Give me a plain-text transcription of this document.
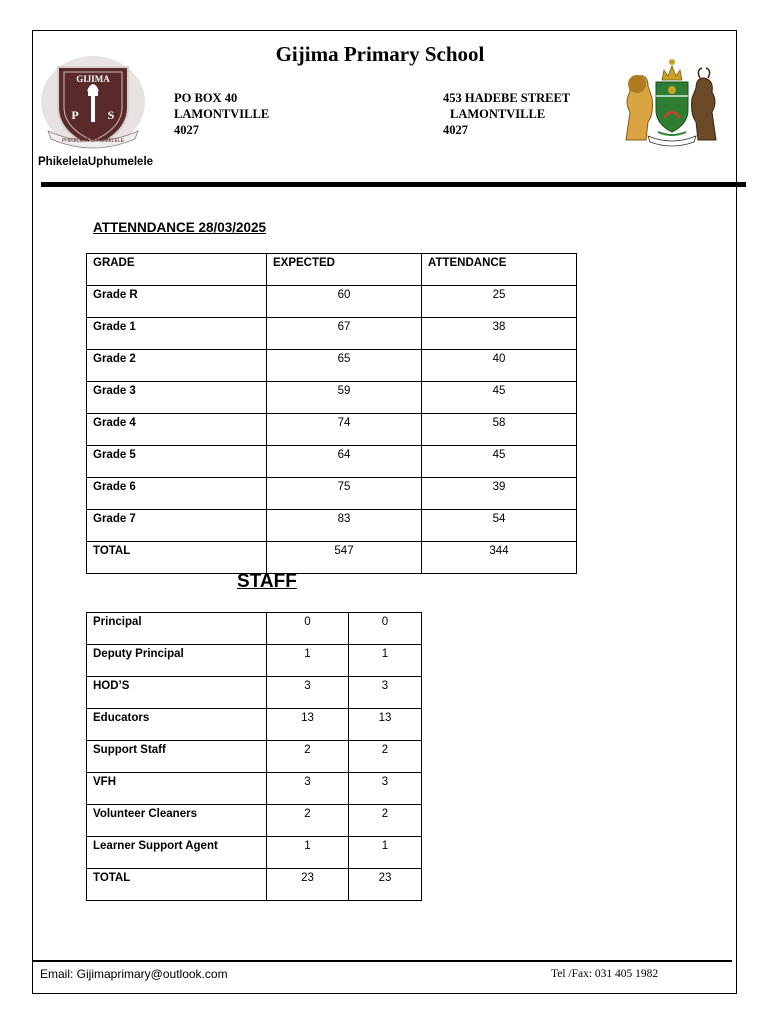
Gijima Primary School
GIJIMA
P S
PHIKELELA UPHUMELELE
PhikelelaUphumelele
PO BOX 40
LAMONTVILLE
4027
453 HADEBE STREET
LAMONTVILLE
4027
ATTENNDANCE 28/03/2025
GRADE	EXPECTED	ATTENDANCE
Grade R	60	25
Grade 1	67	38
Grade 2	65	40
Grade 3	59	45
Grade 4	74	58
Grade 5	64	45
Grade 6	75	39
Grade 7	83	54
TOTAL	547	344
STAFF
Principal	0	0
Deputy Principal	1	1
HOD’S	3	3
Educators	13	13
Support Staff	2	2
VFH	3	3
Volunteer Cleaners	2	2
Learner Support Agent	1	1
TOTAL	23	23
Email: Gijimaprimary@outlook.com	Tel /Fax: 031 405 1982
